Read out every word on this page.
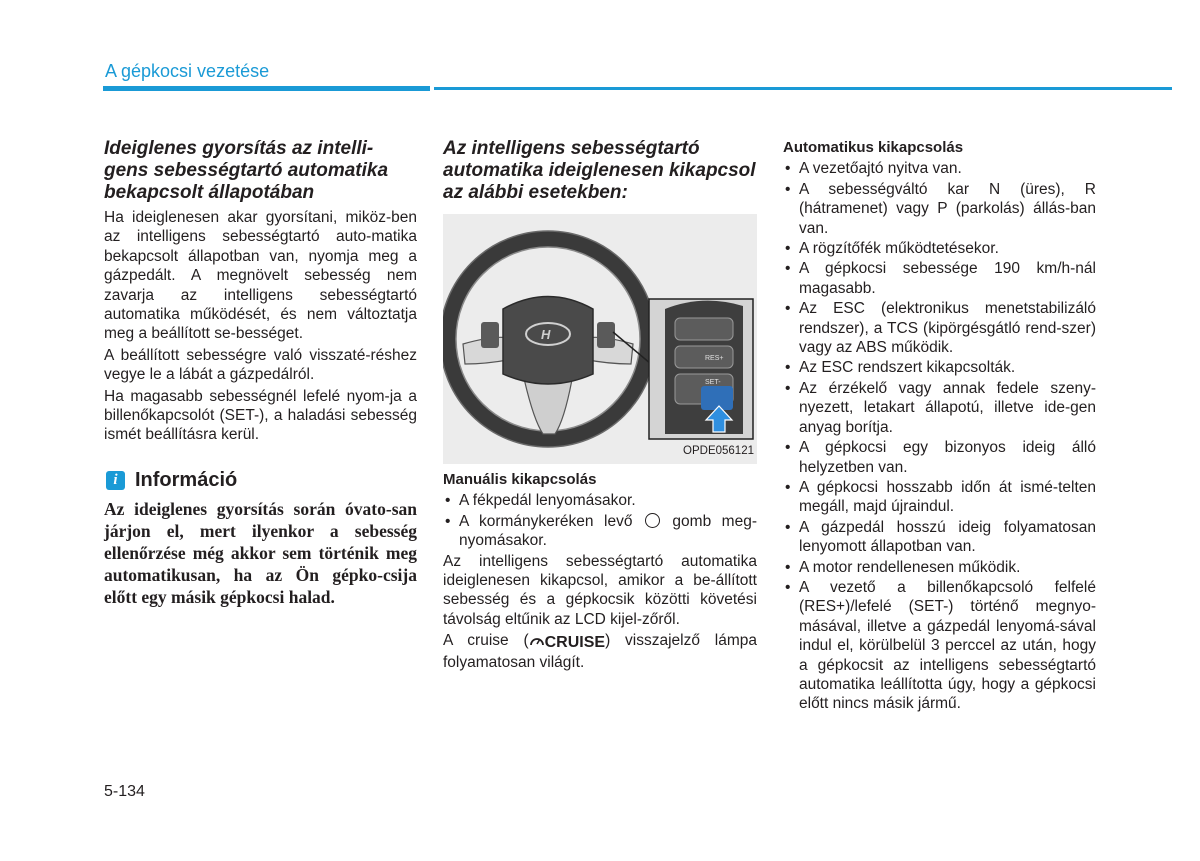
A gépkocsi vezetése
Ideiglenes gyorsítás az intelli-gens sebességtartó automatika bekapcsolt állapotában

Ha ideiglenesen akar gyorsítani, miköz-ben az intelligens sebességtartó auto-matika bekapcsolt állapotban van, nyomja meg a gázpedált. A megnövelt sebesség nem zavarja az intelligens sebességtartó automatika működését, és nem változtatja meg a beállított se-bességet.

A beállított sebességre való visszaté-réshez vegye le a lábát a gázpedálról.

Ha magasabb sebességnél lefelé nyom-ja a billenőkapcsolót (SET-), a haladási sebesség ismét beállításra kerül.

i Információ

Az ideiglenes gyorsítás során óvato-san járjon el, mert ilyenkor a sebesség ellenőrzése még akkor sem történik meg automatikusan, ha az Ön gépko-csija előtt egy másik gépkocsi halad.

Az intelligens sebességtartó automatika ideiglenesen kikapcsol az alábbi esetekben:
H
RES+
SET-
OPDE056121
Manuális kikapcsolás
• A fékpedál lenyomásakor.
• A kormánykeréken levő	gomb meg-nyomásakor.

Az intelligens sebességtartó automatika ideiglenesen kikapcsol, amikor a be-állított sebesség és a gépkocsik közötti követési távolság eltűnik az LCD kijel-zőről.

A cruise ( CRUISE) visszajelző lámpa folyamatosan világít.

Automatikus kikapcsolás
• A vezetőajtó nyitva van.
• A sebességváltó kar N (üres), R (hátramenet) vagy P (parkolás) állás-ban van.
• A rögzítőfék működtetésekor.
• A gépkocsi sebessége 190 km/h-nál magasabb.
• Az ESC (elektronikus menetstabilizáló rendszer), a TCS (kipörgésgátló rend-szer) vagy az ABS működik.
• Az ESC rendszert kikapcsolták.
• Az érzékelő vagy annak fedele szeny-nyezett, letakart állapotú, illetve ide-gen anyag borítja.
• A gépkocsi egy bizonyos ideig álló helyzetben van.
• A gépkocsi hosszabb időn át ismé-telten megáll, majd újraindul.
• A gázpedál hosszú ideig folyamatosan lenyomott állapotban van.
• A motor rendellenesen működik.
• A vezető a billenőkapcsoló felfelé (RES+)/lefelé (SET-) történő megnyo-másával, illetve a gázpedál lenyomá-sával indul el, körülbelül 3 perccel az után, hogy a gépkocsit az intelligens sebességtartó automatika leállította úgy, hogy a gépkocsi előtt nincs másik jármű.
5-134
